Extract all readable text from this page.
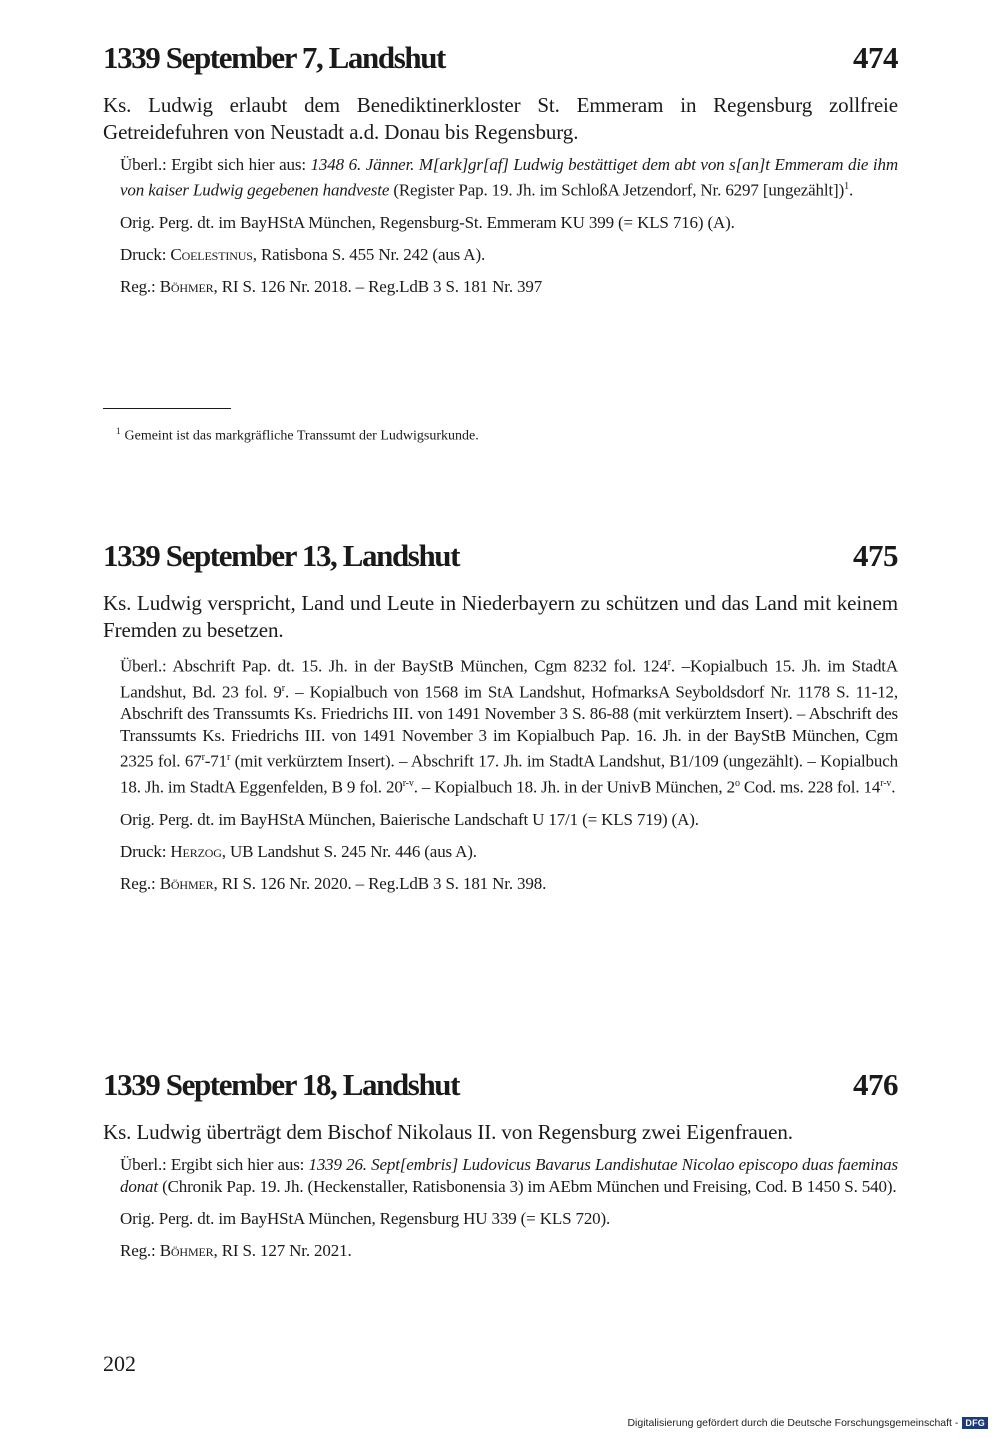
1339 September 7, Landshut	474

Ks. Ludwig erlaubt dem Benediktinerkloster St. Emmeram in Regensburg zollfreie Getreidefuhren von Neustadt a.d. Donau bis Regensburg.

Überl.: Ergibt sich hier aus: 1348 6. Jänner. M[ark]gr[af] Ludwig bestättiget dem abt von s[an]t Emmeram die ihm von kaiser Ludwig gegebenen handveste (Register Pap. 19. Jh. im SchloßA Jetzendorf, Nr. 6297 [ungezählt])$^1$.

Orig. Perg. dt. im BayHStA München, Regensburg-St. Emmeram KU 399 (= KLS 716) (A).

Druck: Coelestinus, Ratisbona S. 455 Nr. 242 (aus A).

Reg.: Böhmer, RI S. 126 Nr. 2018. – Reg.LdB 3 S. 181 Nr. 397

$^1$ Gemeint ist das markgräfliche Transsumt der Ludwigsurkunde.
1339 September 13, Landshut	475

Ks. Ludwig verspricht, Land und Leute in Niederbayern zu schützen und das Land mit keinem Fremden zu besetzen.

Überl.: Abschrift Pap. dt. 15. Jh. in der BayStB München, Cgm 8232 fol. 124$^r$. –Kopialbuch 15. Jh. im StadtA Landshut, Bd. 23 fol. 9$^r$. – Kopialbuch von 1568 im StA Landshut, HofmarksA Seyboldsdorf Nr. 1178 S. 11-12, Abschrift des Transsumts Ks. Friedrichs III. von 1491 November 3 S. 86-88 (mit verkürztem Insert). – Abschrift des Transsumts Ks. Friedrichs III. von 1491 November 3 im Kopialbuch Pap. 16. Jh. in der BayStB München, Cgm 2325 fol. 67$^r$-71$^r$ (mit verkürztem Insert). – Abschrift 17. Jh. im StadtA Landshut, B1/109 (ungezählt). – Kopialbuch 18. Jh. im StadtA Eggenfelden, B 9 fol. 20$^{r-v}$. – Kopialbuch 18. Jh. in der UnivB München, 2$^o$ Cod. ms. 228 fol. 14$^{r-v}$.

Orig. Perg. dt. im BayHStA München, Baierische Landschaft U 17/1 (= KLS 719) (A).

Druck: Herzog, UB Landshut S. 245 Nr. 446 (aus A).

Reg.: Böhmer, RI S. 126 Nr. 2020. – Reg.LdB 3 S. 181 Nr. 398.

1339 September 18, Landshut	476

Ks. Ludwig überträgt dem Bischof Nikolaus II. von Regensburg zwei Eigenfrauen.

Überl.: Ergibt sich hier aus: 1339 26. Sept[embris] Ludovicus Bavarus Landishutae Nicolao episcopo duas faeminas donat (Chronik Pap. 19. Jh. (Heckenstaller, Ratisbonensia 3) im AEbm München und Freising, Cod. B 1450 S. 540).

Orig. Perg. dt. im BayHStA München, Regensburg HU 339 (= KLS 720).

Reg.: Böhmer, RI S. 127 Nr. 2021.

202
Digitalisierung gefördert durch die Deutsche Forschungsgemeinschaft - DFG
